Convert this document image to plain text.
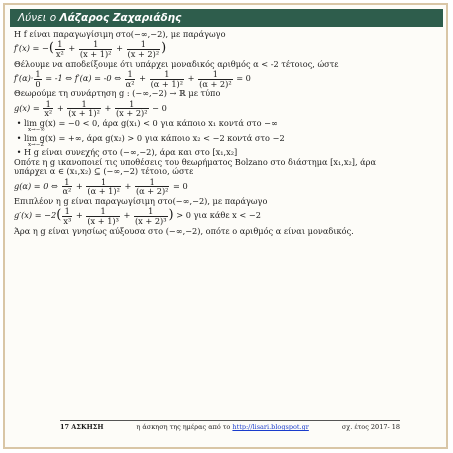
Λύνει ο Λάζαρος Ζαχαριάδης
Η f είναι παραγωγίσιμη στο(−∞,−2), με παράγωγο
f′(x) = −( $\frac{1}{\text{x²}} + \frac{1}{\text{(x + 1)²}} + \frac{1}{\text{(x + 2)²}}$ )
Θέλουμε να αποδείξουμε ότι υπάρχει μοναδικός αριθμός α < -2 τέτοιος, ώστε
$f'(\alpha)\cdot \frac{1}{0} = -1$ ⇔ f′(α) = -0 ⇔ $\frac{1}{\text{α²}} + \frac{1}{\text{(α + 1)²}} + \frac{1}{\text{(α + 2)²}} = 0$
Θεωρούμε τη συνάρτηση g : (−∞,−2) → ℝ με τύπο
$g(x) = \frac{1}{\text{x²}} + \frac{1}{\text{(x + 1)²}} + \frac{1}{\text{(x + 2)²}} - 0$
• lim g(x) = −0 < 0, άρα g(x₁) < 0 για κάποιο x₁ κοντά στο −∞
x→−∞
• lim g(x) = +∞, άρα g(x₂) > 0 για κάποιο x₂ < −2 κοντά στο −2
x→−2
• Η g είναι συνεχής στο (−∞,−2), άρα και στο [x₁,x₂]
Οπότε η g ικανοποιεί τις υποθέσεις του θεωρήματος Bolzano στο διάστημα [x₁,x₂], άρα
υπάρχει α ∈ (x₁,x₂) ⊆ (−∞,−2) τέτοιο, ώστε
g(α) = 0 ⇔ $\frac{1}{\text{α²}} + \frac{1}{\text{(α + 1)²}} + \frac{1}{\text{(α + 2)²}} = 0$
Επιπλέον η g είναι παραγωγίσιμη στο(−∞,−2), με παράγωγο
$g'(x) = -2( \frac{1}{\text{x³}} + \frac{1}{\text{(x + 1)³}} + \frac{1}{\text{(x + 2)³}}$ ) > 0 για κάθε x < −2
Άρα η g είναι γνησίως αύξουσα στο (−∞,−2), οπότε ο αριθμός α είναι μοναδικός.
17 ΑΣΚΗΣΗ	η άσκηση της ημέρας από το http://lisari.blogspot.gr	σχ. έτος 2017- 18
